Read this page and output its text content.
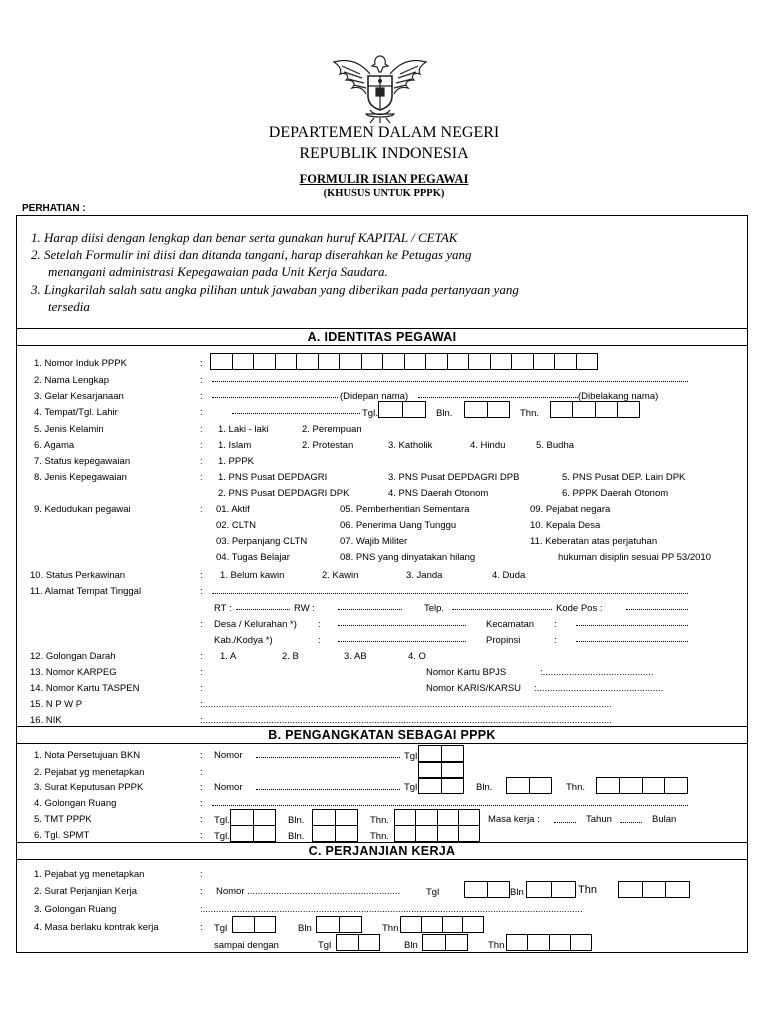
DEPARTEMEN DALAM NEGERI
REPUBLIK INDONESIA
FORMULIR ISIAN PEGAWAI
(KHUSUS UNTUK PPPK)
PERHATIAN :
1. Harap diisi dengan lengkap dan benar serta gunakan huruf KAPITAL / CETAK
2. Setelah Formulir ini diisi dan ditanda tangani, harap diserahkan ke Petugas yang
menangani administrasi Kepegawaian pada Unit Kerja Saudara.
3. Lingkarilah salah satu angka pilihan untuk jawaban yang diberikan pada pertanyaan yang
tersedia
A. IDENTITAS PEGAWAI
1. Nomor Induk PPPK	:
2. Nama Lengkap	:
3. Gelar Kesarjanaan	:	(Didepan nama)	(Dibelakang nama)
4. Tempat/Tgl. Lahir	:	Tgl.	Bln.	Thn.
5. Jenis Kelamin	: 1. Laki - laki	2. Perempuan
6. Agama	: 1. Islam	2. Protestan	3. Katholik	4. Hindu	5. Budha
7. Status kepegawaian	: 1. PPPK
8. Jenis Kepegawaian	: 1. PNS Pusat DEPDAGRI	3. PNS Pusat DEPDAGRI DPB	5. PNS Pusat DEP. Lain DPK
2. PNS Pusat DEPDAGRI DPK	4. PNS Daerah Otonom	6. PPPK Daerah Otonom
9. Kedudukan pegawai	: 01. Aktif	05. Pemberhentian Sementara	09. Pejabat negara
02. CLTN	06. Penerima Uang Tunggu	10. Kepala Desa
03. Perpanjang CLTN	07. Wajib Militer	11. Keberatan atas perjatuhan
04. Tugas Belajar	08. PNS yang dinyatakan hilang	hukuman disiplin sesuai PP 53/2010
10. Status Perkawinan	: 1. Belum kawin	2. Kawin	3. Janda	4. Duda
11. Alamat Tempat Tinggal	:
RT :	RW :	Telp.	Kode Pos :
: Desa / Kelurahan *) :	Kecamatan :
Kab./Kodya *)	:	Propinsi	:
12. Golongan Darah	: 1. A	2. B	3. AB	4. O
13. Nomor KARPEG	:	Nomor Kartu BPJS	:..........................................
14. Nomor Kartu TASPEN	:	Nomor KARIS/KARSU :................................................
15. N P W P	:...........................................................................................................................................................
16. NIK	:...........................................................................................................................................................
B. PENGANGKATAN SEBAGAI PPPK
1. Nota Persetujuan BKN	: Nomor	Tgl.
2. Pejabat yg menetapkan	:
3. Surat Keputusan PPPK	: Nomor	Tgl.	Bln.	Thn.
4. Golongan Ruang	:
5. TMT PPPK	: Tgl.	Bln.	Thn.	Masa kerja :	Tahun	Bulan
6. Tgl. SPMT	: Tgl.	Bln.	Thn.
C. PERJANJIAN KERJA
1. Pejabat yg menetapkan	:
2. Surat Perjanjian Kerja	: Nomor ..........................................................	Tgl	Bln	Thn
3. Golongan Ruang	:................................................................................................................................................
4. Masa berlaku kontrak kerja	: Tgl	Bln	Thn
sampai dengan	Tgl	Bln	Thn
